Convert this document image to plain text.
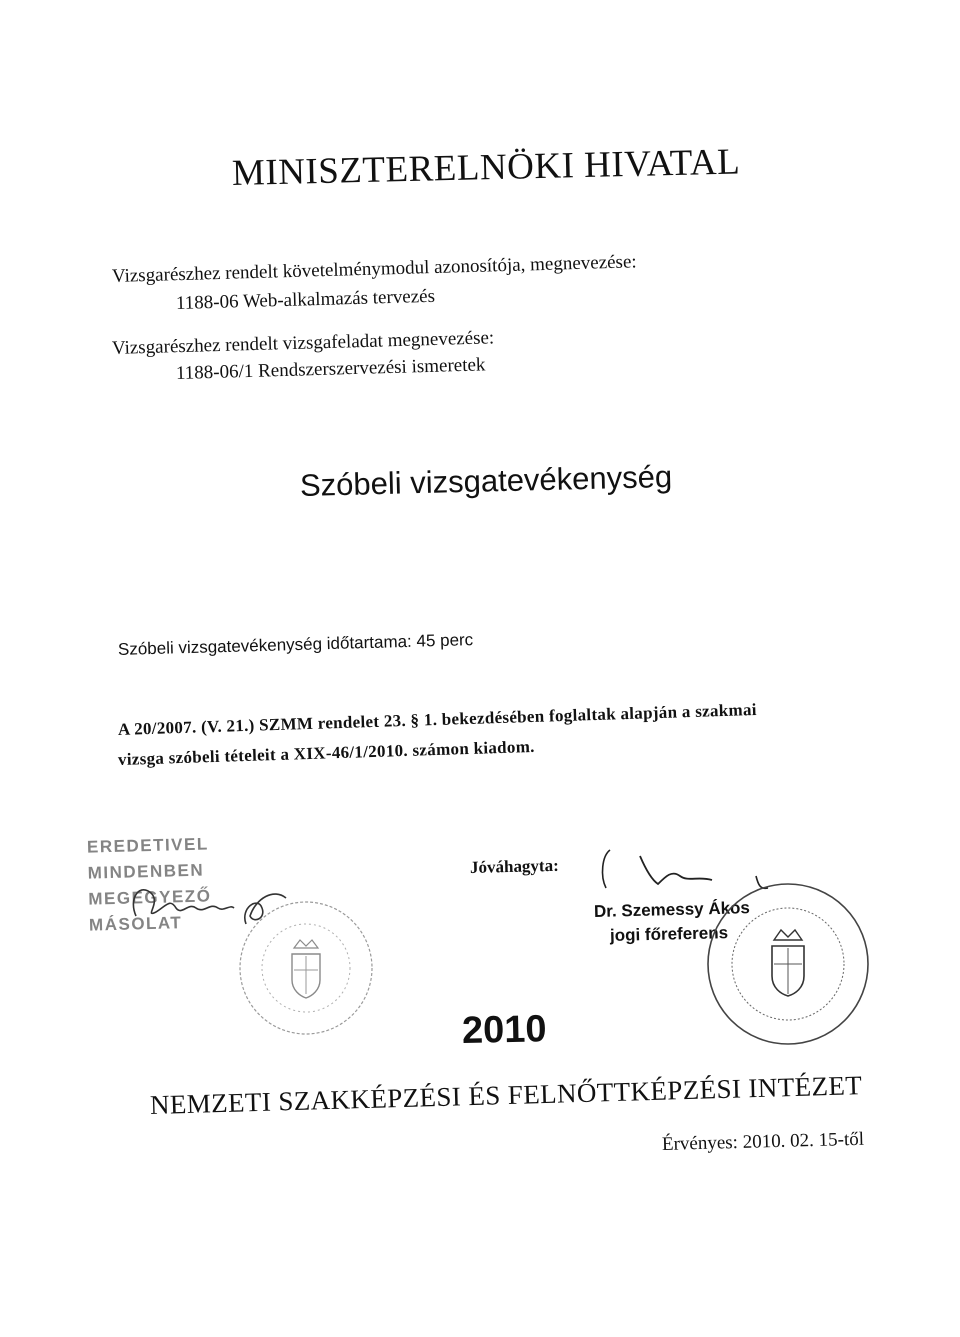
MINISZTERELNÖKI HIVATAL

Vizsgarészhez rendelt követelménymodul azonosítója, megnevezése:

1188-06 Web-alkalmazás tervezés

Vizsgarészhez rendelt vizsgafeladat megnevezése:

1188-06/1 Rendszerszervezési ismeretek

Szóbeli vizsgatevékenység

Szóbeli vizsgatevékenység időtartama: 45 perc

A 20/2007. (V. 21.) SZMM rendelet 23. § 1. bekezdésében foglaltak alapján a szakmai

vizsga szóbeli tételeit a XIX-46/1/2010. számon kiadom.

EREDETIVEL MINDENBEN
MEGEGYEZŐ MÁSOLAT

Jóváhagyta:

Dr. Szemessy Ákos

jogi főreferens

2010

NEMZETI SZAKKÉPZÉSI ÉS FELNŐTTKÉPZÉSI INTÉZET

Érvényes: 2010. 02. 15-től
